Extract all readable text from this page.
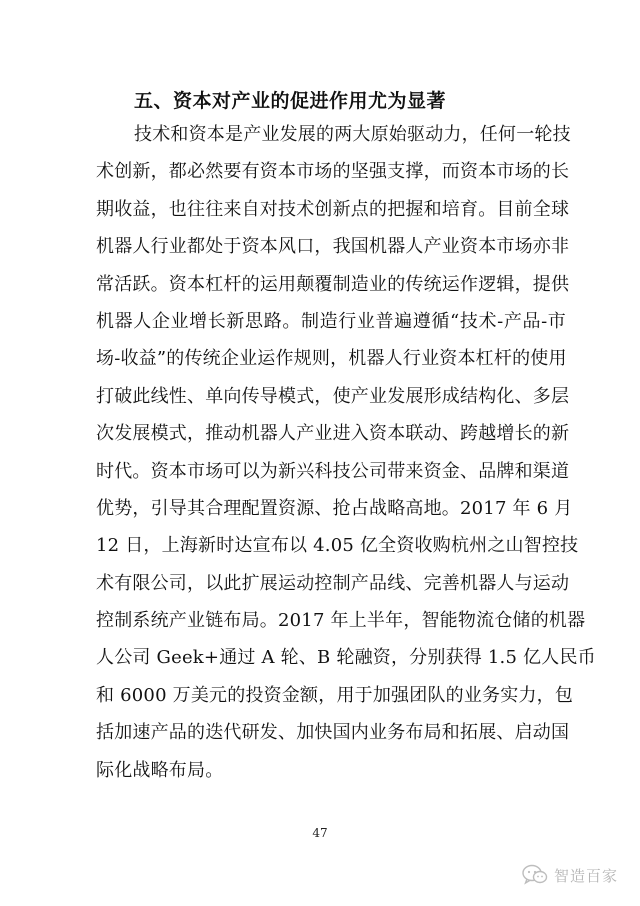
五、资本对产业的促进作用尤为显著
技术和资本是产业发展的两大原始驱动力，任何一轮技
术创新，都必然要有资本市场的坚强支撑，而资本市场的长
期收益，也往往来自对技术创新点的把握和培育。目前全球
机器人行业都处于资本风口，我国机器人产业资本市场亦非
常活跃。资本杠杆的运用颠覆制造业的传统运作逻辑，提供
机器人企业增长新思路。制造行业普遍遵循“技术-产品-市
场-收益”的传统企业运作规则，机器人行业资本杠杆的使用
打破此线性、单向传导模式，使产业发展形成结构化、多层
次发展模式，推动机器人产业进入资本联动、跨越增长的新
时代。资本市场可以为新兴科技公司带来资金、品牌和渠道
优势，引导其合理配置资源、抢占战略高地。2017 年 6 月
12 日，上海新时达宣布以 4.05 亿全资收购杭州之山智控技
术有限公司，以此扩展运动控制产品线、完善机器人与运动
控制系统产业链布局。2017 年上半年，智能物流仓储的机器
人公司 Geek+通过 A 轮、B 轮融资，分别获得 1.5 亿人民币
和 6000 万美元的投资金额，用于加强团队的业务实力，包
括加速产品的迭代研发、加快国内业务布局和拓展、启动国
际化战略布局。
47
智造百家
